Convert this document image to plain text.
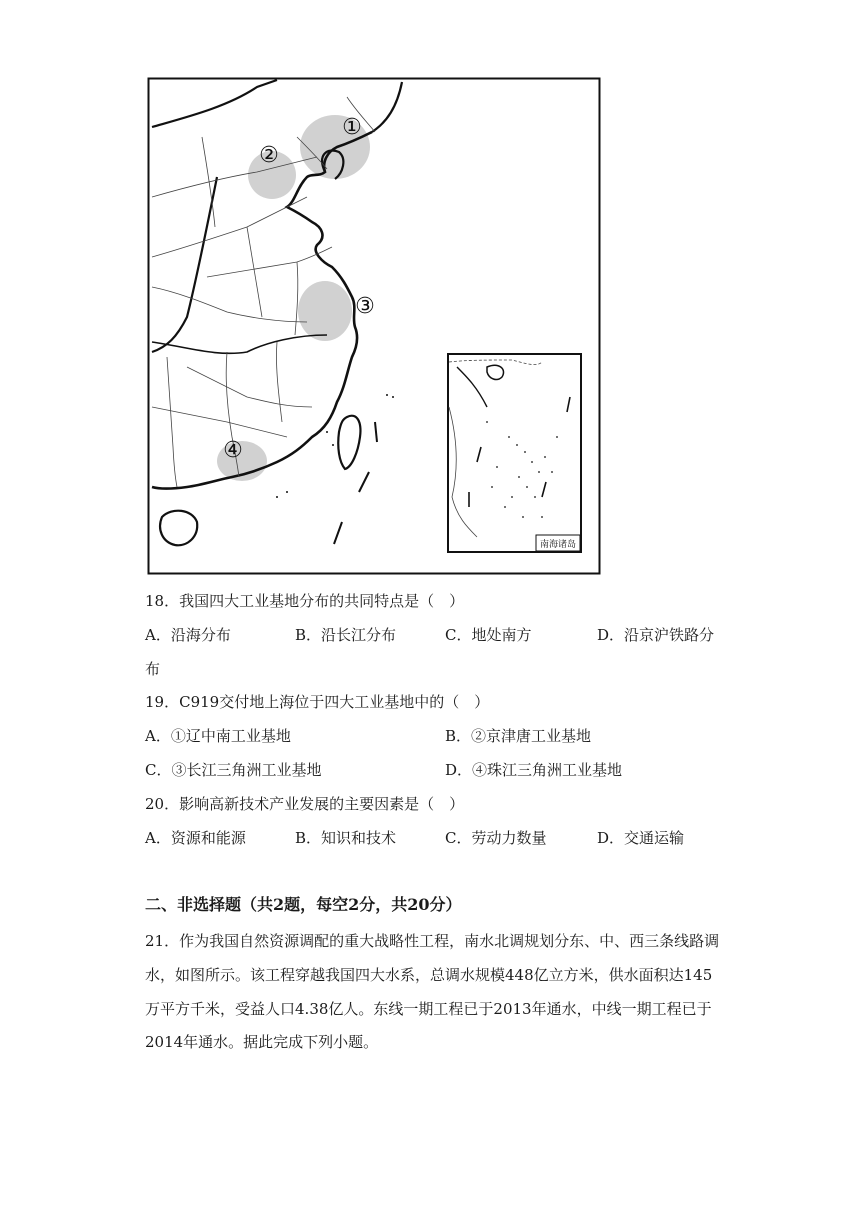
①
②
③
④
南海诸岛
18．我国四大工业基地分布的共同特点是（　）
A．沿海分布	B．沿长江分布	C．地处南方	D．沿京沪铁路分
布
19．C919交付地上海位于四大工业基地中的（　）
A．①辽中南工业基地	B．②京津唐工业基地
C．③长江三角洲工业基地	D．④珠江三角洲工业基地
20．影响高新技术产业发展的主要因素是（　）
A．资源和能源	B．知识和技术	C．劳动力数量	D．交通运输
二、非选择题（共2题，每空2分，共20分）
21．作为我国自然资源调配的重大战略性工程，南水北调规划分东、中、西三条线路调
水，如图所示。该工程穿越我国四大水系，总调水规模448亿立方米，供水面积达145
万平方千米，受益人口4.38亿人。东线一期工程已于2013年通水，中线一期工程已于
2014年通水。据此完成下列小题。
